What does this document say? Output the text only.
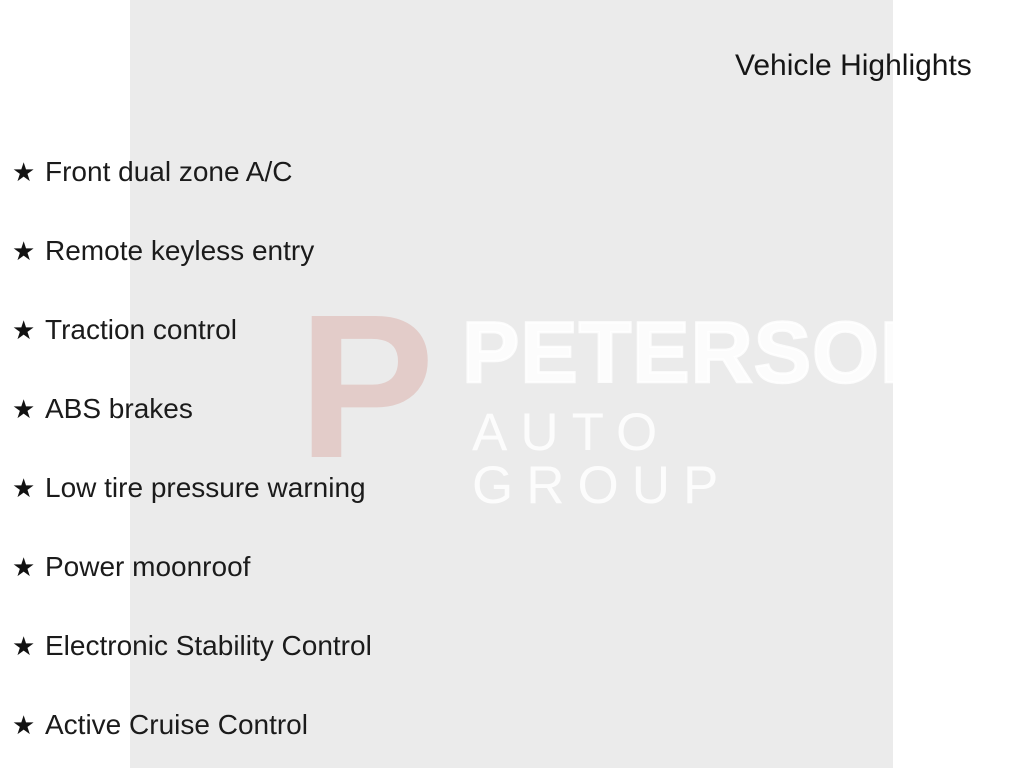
P PETERSON
AUTO GROUP
Vehicle Highlights
★ Front dual zone A/C
★ Remote keyless entry
★ Traction control
★ ABS brakes
★ Low tire pressure warning
★ Power moonroof
★ Electronic Stability Control
★ Active Cruise Control
